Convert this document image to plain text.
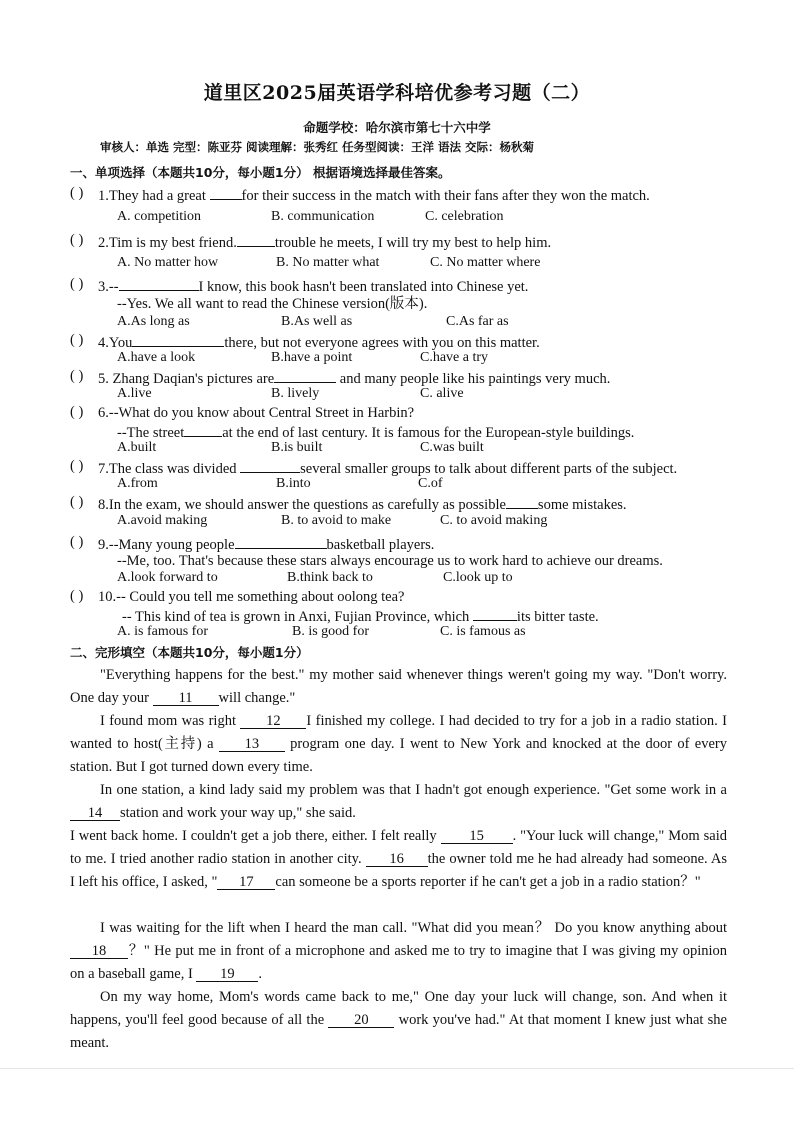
道里区2025届英语学科培优参考习题（二）
命题学校：哈尔滨市第七十六中学
审核人：单选 完型：陈亚芬 阅读理解：张秀红 任务型阅读：王洋 语法 交际：杨秋菊
一、单项选择（本题共10分，每小题1分） 根据语境选择最佳答案。
( ) 1.They had a great for their success in the match with their fans after they won the match.
A. competition	B. communication	C. celebration
( ) 2.Tim is my best friend.	trouble he meets, I will try my best to help him.
A. No matter how	B. No matter what	C. No matter where
( ) 3.--	I know, this book hasn't been translated into Chinese yet.
--Yes. We all want to read the Chinese version(版本).
A.As long as	B.As well as	C.As far as
( ) 4.You	there, but not everyone agrees with you on this matter.
A.have a look	B.have a point	C.have a try
( ) 5. Zhang Daqian's pictures are	and many people like his paintings very much.
A.live	B. lively	C. alive
( ) 6.--What do you know about Central Street in Harbin?
--The street	at the end of last century. It is famous for the European-style buildings.
A.built	B.is built	C.was built
( ) 7.The class was divided	several smaller groups to talk about different parts of the subject.
A.from	B.into	C.of
( ) 8.In the exam, we should answer the questions as carefully as possible some mistakes.
A.avoid making	B. to avoid to make	C. to avoid making
( ) 9.--Many young people	basketball players.
--Me, too. That's because these stars always encourage us to work hard to achieve our dreams.
A.look forward to	B.think back to	C.look up to
( ) 10.-- Could you tell me something about oolong tea?
-- This kind of tea is grown in Anxi, Fujian Province, which	its bitter taste.
A. is famous for	B. is good for	C. is famous as
二、完形填空（本题共10分，每小题1分）
"Everything happens for the best." my mother said whenever things weren't going my way. "Don't worry. One day your 11 will change."
I found mom was right 12 I finished my college. I had decided to try for a job in a radio station. I wanted to host(主持) a 13 program one day. I went to New York and knocked at the door of every station. But I got turned down every time.
In one station, a kind lady said my problem was that I hadn't got enough experience. "Get some work in a 14 station and work your way up," she said.
I went back home. I couldn't get a job there, either. I felt really 15 . "Your luck will change," Mom said to me. I tried another radio station in another city. 16 the owner told me he had already had someone. As I left his office, I asked, " 17 can someone be a sports reporter if he can't get a job in a radio station？"
I was waiting for the lift when I heard the man call. "What did you mean？ Do you know anything about 18 ？" He put me in front of a microphone and asked me to try to imagine that I was giving my opinion on a baseball game, I 19 .
On my way home, Mom's words came back to me," One day your luck will change, son. And when it happens, you'll feel good because of all the 20 work you've had." At that moment I knew just what she meant.
